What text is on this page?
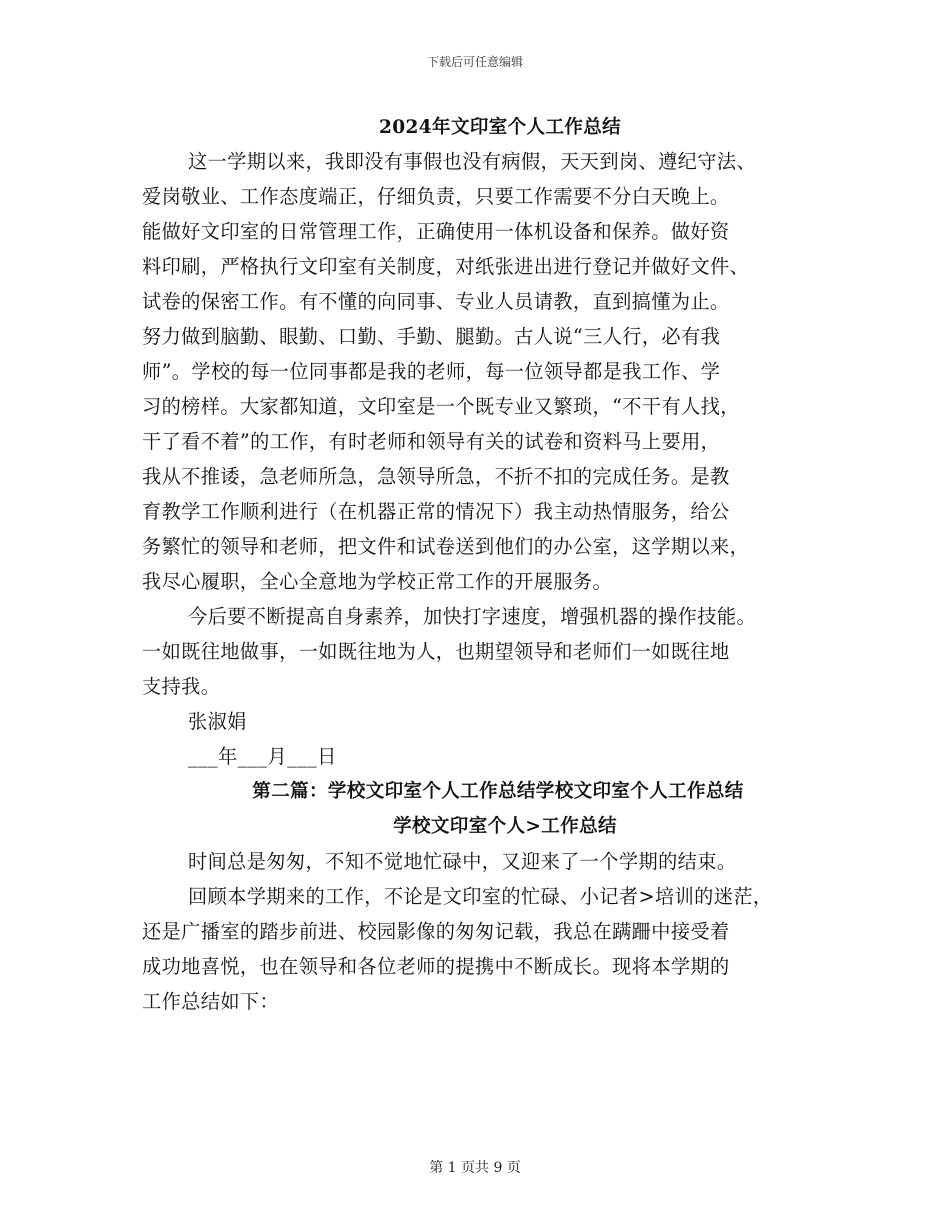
下载后可任意编辑
2024年文印室个人工作总结
这一学期以来，我即没有事假也没有病假，天天到岗、遵纪守法、
爱岗敬业、工作态度端正，仔细负责，只要工作需要不分白天晚上。
能做好文印室的日常管理工作，正确使用一体机设备和保养。做好资
料印刷，严格执行文印室有关制度，对纸张进出进行登记并做好文件、
试卷的保密工作。有不懂的向同事、专业人员请教，直到搞懂为止。
努力做到脑勤、眼勤、口勤、手勤、腿勤。古人说“三人行，必有我
师”。学校的每一位同事都是我的老师，每一位领导都是我工作、学
习的榜样。大家都知道，文印室是一个既专业又繁琐，“不干有人找，
干了看不着”的工作，有时老师和领导有关的试卷和资料马上要用，
我从不推诿，急老师所急，急领导所急，不折不扣的完成任务。是教
育教学工作顺利进行（在机器正常的情况下）我主动热情服务，给公
务繁忙的领导和老师，把文件和试卷送到他们的办公室，这学期以来，
我尽心履职，全心全意地为学校正常工作的开展服务。
今后要不断提高自身素养，加快打字速度，增强机器的操作技能。
一如既往地做事，一如既往地为人，也期望领导和老师们一如既往地
支持我。
张淑娟
___年___月___日
第二篇：学校文印室个人工作总结学校文印室个人工作总结
学校文印室个人>工作总结
时间总是匆匆，不知不觉地忙碌中，又迎来了一个学期的结束。
回顾本学期来的工作，不论是文印室的忙碌、小记者>培训的迷茫，
还是广播室的踏步前进、校园影像的匆匆记载，我总在蹒跚中接受着
成功地喜悦，也在领导和各位老师的提携中不断成长。现将本学期的
工作总结如下：
第 1 页共 9 页
